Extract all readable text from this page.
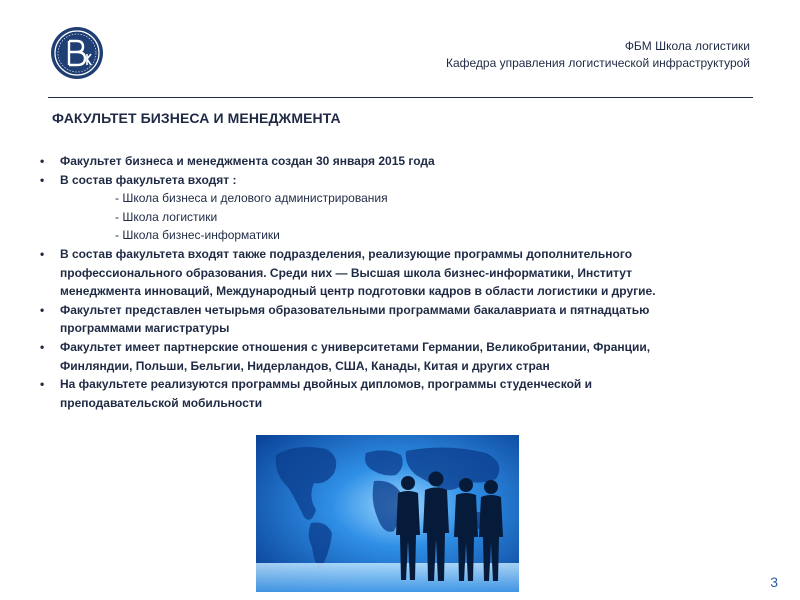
ФБМ Школа логистики
Кафедра управления логистической инфраструктурой
ФАКУЛЬТЕТ БИЗНЕСА И МЕНЕДЖМЕНТА
• Факультет бизнеса и менеджмента создан 30 января 2015 года
• В состав факультета входят :
- Школа бизнеса и делового администрирования
- Школа логистики
- Школа бизнес-информатики
• В состав факультета входят также подразделения, реализующие программы дополнительного
профессионального образования. Среди них — Высшая школа бизнес-информатики, Институт
менеджмента инноваций, Международный центр подготовки кадров в области логистики и другие.
• Факультет представлен четырьмя образовательными программами бакалавриата и пятнадцатью
программами магистратуры
• Факультет имеет партнерские отношения с университетами Германии, Великобритании, Франции,
Финляндии, Польши, Бельгии, Нидерландов, США, Канады, Китая и других стран
• На факультете реализуются программы двойных дипломов, программы студенческой и
преподавательской мобильности
3
